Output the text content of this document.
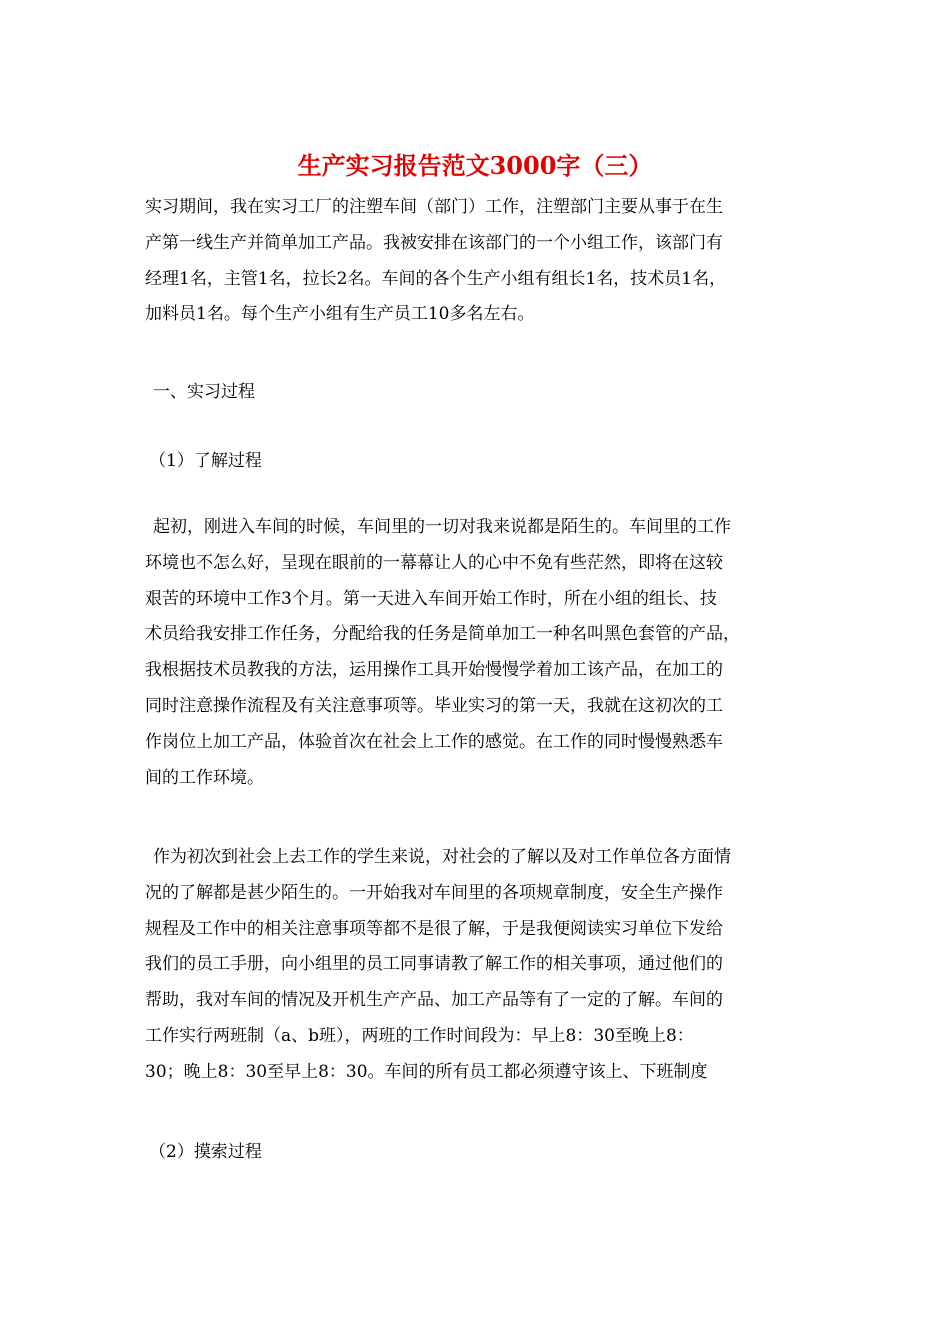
生产实习报告范文3000字（三）
实习期间，我在实习工厂的注塑车间（部门）工作，注塑部门主要从事于在生
产第一线生产并简单加工产品。我被安排在该部门的一个小组工作，该部门有
经理1名，主管1名，拉长2名。车间的各个生产小组有组长1名，技术员1名，
加料员1名。每个生产小组有生产员工10多名左右。
一、实习过程
（1）了解过程
起初，刚进入车间的时候，车间里的一切对我来说都是陌生的。车间里的工作
环境也不怎么好，呈现在眼前的一幕幕让人的心中不免有些茫然，即将在这较
艰苦的环境中工作3个月。第一天进入车间开始工作时，所在小组的组长、技
术员给我安排工作任务，分配给我的任务是简单加工一种名叫黑色套管的产品，
我根据技术员教我的方法，运用操作工具开始慢慢学着加工该产品，在加工的
同时注意操作流程及有关注意事项等。毕业实习的第一天，我就在这初次的工
作岗位上加工产品，体验首次在社会上工作的感觉。在工作的同时慢慢熟悉车
间的工作环境。
作为初次到社会上去工作的学生来说，对社会的了解以及对工作单位各方面情
况的了解都是甚少陌生的。一开始我对车间里的各项规章制度，安全生产操作
规程及工作中的相关注意事项等都不是很了解，于是我便阅读实习单位下发给
我们的员工手册，向小组里的员工同事请教了解工作的相关事项，通过他们的
帮助，我对车间的情况及开机生产产品、加工产品等有了一定的了解。车间的
工作实行两班制（a、b班），两班的工作时间段为：早上8：30至晚上8：
30；晚上8：30至早上8：30。车间的所有员工都必须遵守该上、下班制度
（2）摸索过程
